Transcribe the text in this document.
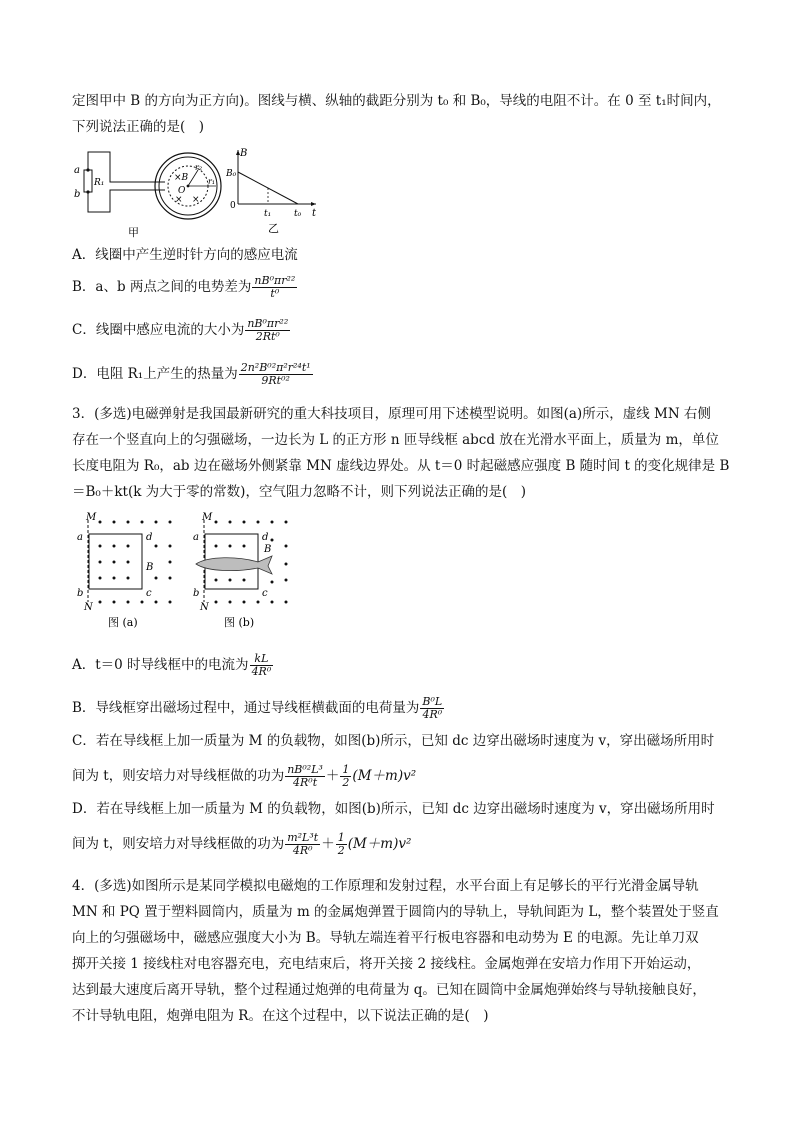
定图甲中 B 的方向为正方向)。图线与横、纵轴的截距分别为 t₀ 和 B₀，导线的电阻不计。在 0 至 t₁时间内，
下列说法正确的是(　)
a
b
R₁	×B
O
r₂
r₁
× ×
甲
B
B₀
0
t₁	t₀ t
乙
A．线圈中产生逆时针方向的感应电流
B．a、b 两点之间的电势差为 $\frac{\text{nB⁰πr²²}}{\text{t⁰}}$
C．线圈中感应电流的大小为 $\frac{\text{nB⁰πr²²}}{\text{2Rt⁰}}$
D．电阻 R₁上产生的热量为 $\frac{\text{2n²B⁰²π²r²⁴t¹}}{\text{9Rt⁰²}}$
3．(多选)电磁弹射是我国最新研究的重大科技项目，原理可用下述模型说明。如图(a)所示，虚线 MN 右侧
存在一个竖直向上的匀强磁场，一边长为 L 的正方形 n 匝导线框 abcd 放在光滑水平面上，质量为 m，单位
长度电阻为 R₀，ab 边在磁场外侧紧靠 MN 虚线边界处。从 t＝0 时起磁感应强度 B 随时间 t 的变化规律是 B
＝B₀＋kt(k 为大于零的常数)，空气阻力忽略不计，则下列说法正确的是(　)
M
N
a
b	c
d
B
图 (a)
M
N
a
b	c
d
B
图 (b)
A．t＝0 时导线框中的电流为 $\frac{kL}{\text{4R⁰}}$
B．导线框穿出磁场过程中，通过导线框横截面的电荷量为 $\frac{\text{B⁰L}}{\text{4R⁰}}$
C．若在导线框上加一质量为 M 的负载物，如图(b)所示，已知 dc 边穿出磁场时速度为 v，穿出磁场所用时
间为 t，则安培力对导线框做的功为 $\frac{\text{nB⁰²L³}}{\text{4R⁰t}} + \frac{1}{2} (M+m)v^2$
D．若在导线框上加一质量为 M 的负载物，如图(b)所示，已知 dc 边穿出磁场时速度为 v，穿出磁场所用时
间为 t，则安培力对导线框做的功为 $\frac{\text{m²L³t}}{\text{4R⁰}} + \frac{1}{2} (M+m)v^2$
4．(多选)如图所示是某同学模拟电磁炮的工作原理和发射过程，水平台面上有足够长的平行光滑金属导轨
MN 和 PQ 置于塑料圆筒内，质量为 m 的金属炮弹置于圆筒内的导轨上，导轨间距为 L，整个装置处于竖直
向上的匀强磁场中，磁感应强度大小为 B。导轨左端连着平行板电容器和电动势为 E 的电源。先让单刀双
掷开关接 1 接线柱对电容器充电，充电结束后，将开关接 2 接线柱。金属炮弹在安培力作用下开始运动，
达到最大速度后离开导轨，整个过程通过炮弹的电荷量为 q。已知在圆筒中金属炮弹始终与导轨接触良好，
不计导轨电阻，炮弹电阻为 R。在这个过程中，以下说法正确的是(　)
